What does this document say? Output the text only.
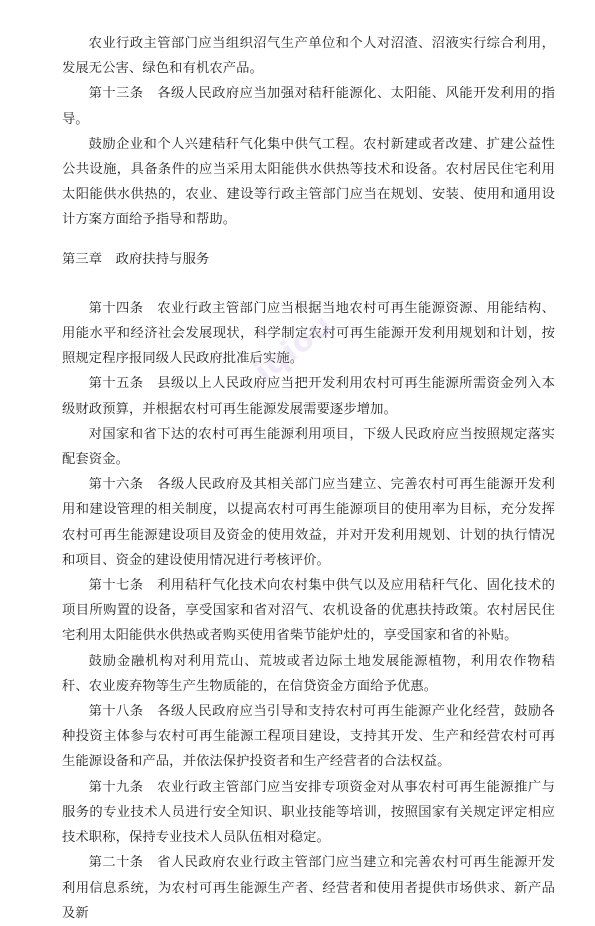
农业行政主管部门应当组织沼气生产单位和个人对沼渣、沼液实行综合利用，发展无公害、绿色和有机农产品。

第十三条　各级人民政府应当加强对秸秆能源化、太阳能、风能开发利用的指导。

鼓励企业和个人兴建秸秆气化集中供气工程。农村新建或者改建、扩建公益性公共设施，具备条件的应当采用太阳能供水供热等技术和设备。农村居民住宅利用太阳能供水供热的，农业、建设等行政主管部门应当在规划、安装、使用和通用设计方案方面给予指导和帮助。

第三章　政府扶持与服务

第十四条　农业行政主管部门应当根据当地农村可再生能源资源、用能结构、用能水平和经济社会发展现状，科学制定农村可再生能源开发利用规划和计划，按照规定程序报同级人民政府批准后实施。

第十五条　县级以上人民政府应当把开发利用农村可再生能源所需资金列入本级财政预算，并根据农村可再生能源发展需要逐步增加。

对国家和省下达的农村可再生能源利用项目，下级人民政府应当按照规定落实配套资金。

第十六条　各级人民政府及其相关部门应当建立、完善农村可再生能源开发利用和建设管理的相关制度，以提高农村可再生能源项目的使用率为目标，充分发挥农村可再生能源建设项目及资金的使用效益，并对开发利用规划、计划的执行情况和项目、资金的建设使用情况进行考核评价。

第十七条　利用秸秆气化技术向农村集中供气以及应用秸秆气化、固化技术的项目所购置的设备，享受国家和省对沼气、农机设备的优惠扶持政策。农村居民住宅利用太阳能供水供热或者购买使用省柴节能炉灶的，享受国家和省的补贴。

鼓励金融机构对利用荒山、荒坡或者边际土地发展能源植物，利用农作物秸秆、农业废弃物等生产生物质能的，在信贷资金方面给予优惠。

第十八条　各级人民政府应当引导和支持农村可再生能源产业化经营，鼓励各种投资主体参与农村可再生能源工程项目建设，支持其开发、生产和经营农村可再生能源设备和产品，并依法保护投资者和生产经营者的合法权益。

第十九条　农业行政主管部门应当安排专项资金对从事农村可再生能源推广与服务的专业技术人员进行安全知识、职业技能等培训，按照国家有关规定评定相应技术职称，保持专业技术人员队伍相对稳定。

第二十条　省人民政府农业行政主管部门应当建立和完善农村可再生能源开发利用信息系统，为农村可再生能源生产者、经营者和使用者提供市场供求、新产品及新

iqiou
